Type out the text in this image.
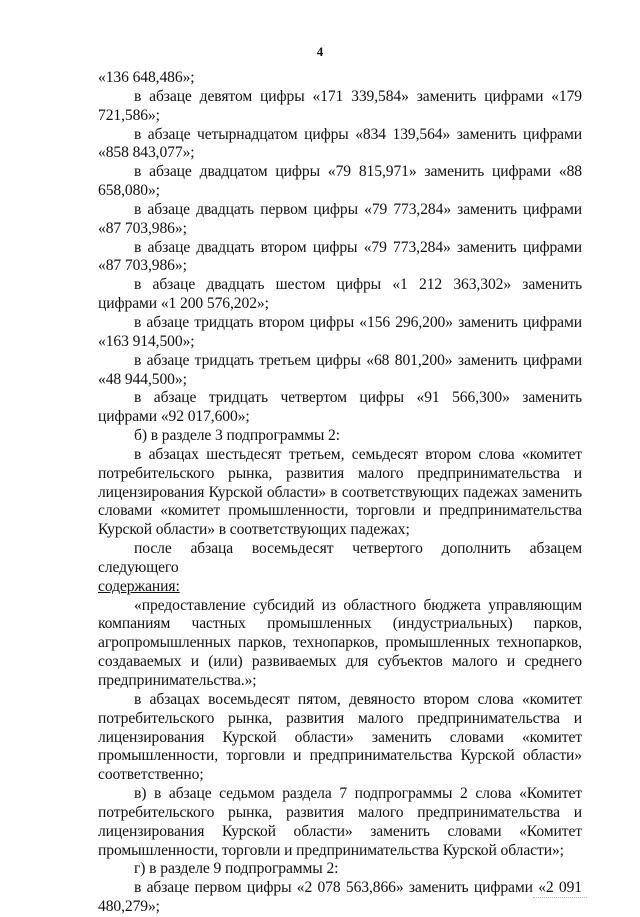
4

«136 648,486»;

в абзаце девятом цифры «171 339,584» заменить цифрами «179 721,586»;

в абзаце четырнадцатом цифры «834 139,564» заменить цифрами «858 843,077»;

в абзаце двадцатом цифры «79 815,971» заменить цифрами «88 658,080»;

в абзаце двадцать первом цифры «79 773,284» заменить цифрами «87 703,986»;

в абзаце двадцать втором цифры «79 773,284» заменить цифрами «87 703,986»;

в абзаце двадцать шестом цифры «1 212 363,302» заменить цифрами «1 200 576,202»;

в абзаце тридцать втором цифры «156 296,200» заменить цифрами «163 914,500»;

в абзаце тридцать третьем цифры «68 801,200» заменить цифрами «48 944,500»;

в абзаце тридцать четвертом цифры «91 566,300» заменить цифрами «92 017,600»;

б) в разделе 3 подпрограммы 2:

в абзацах шестьдесят третьем, семьдесят втором слова «комитет потребительского рынка, развития малого предпринимательства и лицензирования Курской области» в соответствующих падежах заменить словами «комитет промышленности, торговли и предпринимательства Курской области» в соответствующих падежах;

после абзаца восемьдесят четвертого дополнить абзацем следующего

содержания:

«предоставление субсидий из областного бюджета управляющим компаниям частных промышленных (индустриальных) парков, агропромышленных парков, технопарков, промышленных технопарков, создаваемых и (или) развиваемых для субъектов малого и среднего предпринимательства.»;

в абзацах восемьдесят пятом, девяносто втором слова «комитет потребительского рынка, развития малого предпринимательства и лицензирования Курской области» заменить словами «комитет промышленности, торговли и предпринимательства Курской области» соответственно;

в) в абзаце седьмом раздела 7 подпрограммы 2 слова «Комитет потребительского рынка, развития малого предпринимательства и лицензирования Курской области» заменить словами «Комитет промышленности, торговли и предпринимательства Курской области»;

г) в разделе 9 подпрограммы 2:

в абзаце первом цифры «2 078 563,866» заменить цифрами «2 091 480,279»;
